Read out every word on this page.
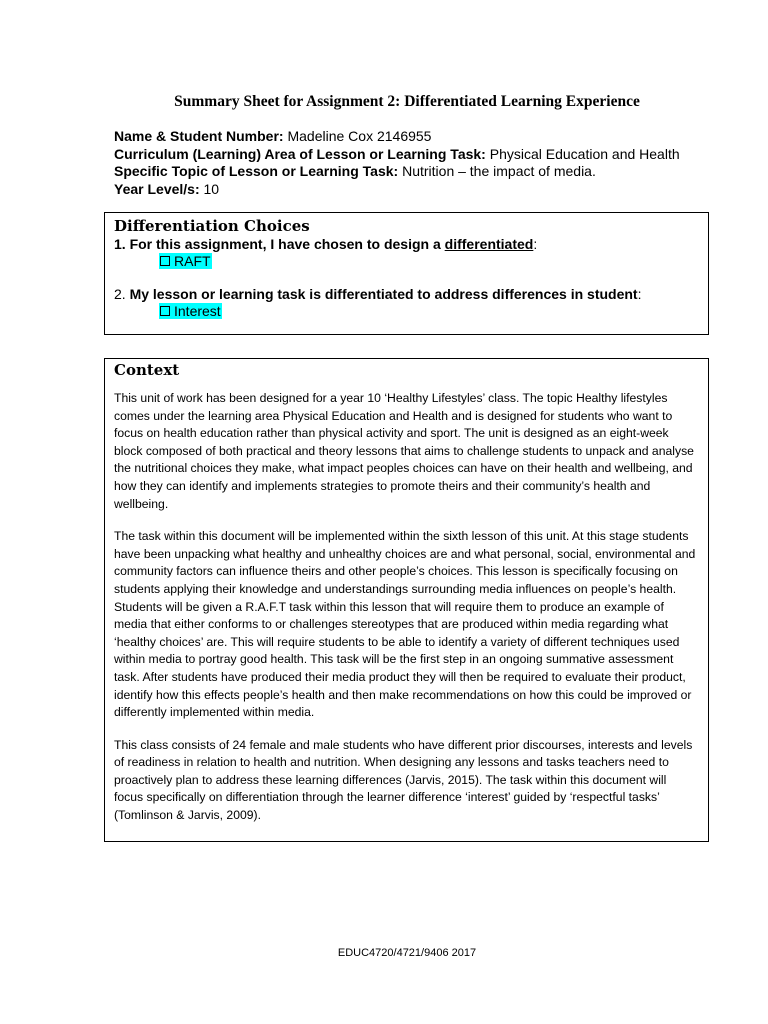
Summary Sheet for Assignment 2: Differentiated Learning Experience
Name & Student Number: Madeline Cox 2146955
Curriculum (Learning) Area of Lesson or Learning Task: Physical Education and Health
Specific Topic of Lesson or Learning Task: Nutrition – the impact of media.
Year Level/s: 10
Differentiation Choices
1. For this assignment, I have chosen to design a differentiated:
RAFT
2. My lesson or learning task is differentiated to address differences in student:
Interest
Context

This unit of work has been designed for a year 10 ‘Healthy Lifestyles’ class. The topic Healthy lifestyles comes under the learning area Physical Education and Health and is designed for students who want to focus on health education rather than physical activity and sport. The unit is designed as an eight-week block composed of both practical and theory lessons that aims to challenge students to unpack and analyse the nutritional choices they make, what impact peoples choices can have on their health and wellbeing, and how they can identify and implements strategies to promote theirs and their community’s health and wellbeing.

The task within this document will be implemented within the sixth lesson of this unit. At this stage students have been unpacking what healthy and unhealthy choices are and what personal, social, environmental and community factors can influence theirs and other people’s choices. This lesson is specifically focusing on students applying their knowledge and understandings surrounding media influences on people’s health. Students will be given a R.A.F.T task within this lesson that will require them to produce an example of media that either conforms to or challenges stereotypes that are produced within media regarding what ‘healthy choices’ are. This will require students to be able to identify a variety of different techniques used within media to portray good health. This task will be the first step in an ongoing summative assessment task. After students have produced their media product they will then be required to evaluate their product, identify how this effects people’s health and then make recommendations on how this could be improved or differently implemented within media.

This class consists of 24 female and male students who have different prior discourses, interests and levels of readiness in relation to health and nutrition. When designing any lessons and tasks teachers need to proactively plan to address these learning differences (Jarvis, 2015). The task within this document will focus specifically on differentiation through the learner difference ‘interest’ guided by ‘respectful tasks’ (Tomlinson & Jarvis, 2009).

EDUC4720/4721/9406 2017
